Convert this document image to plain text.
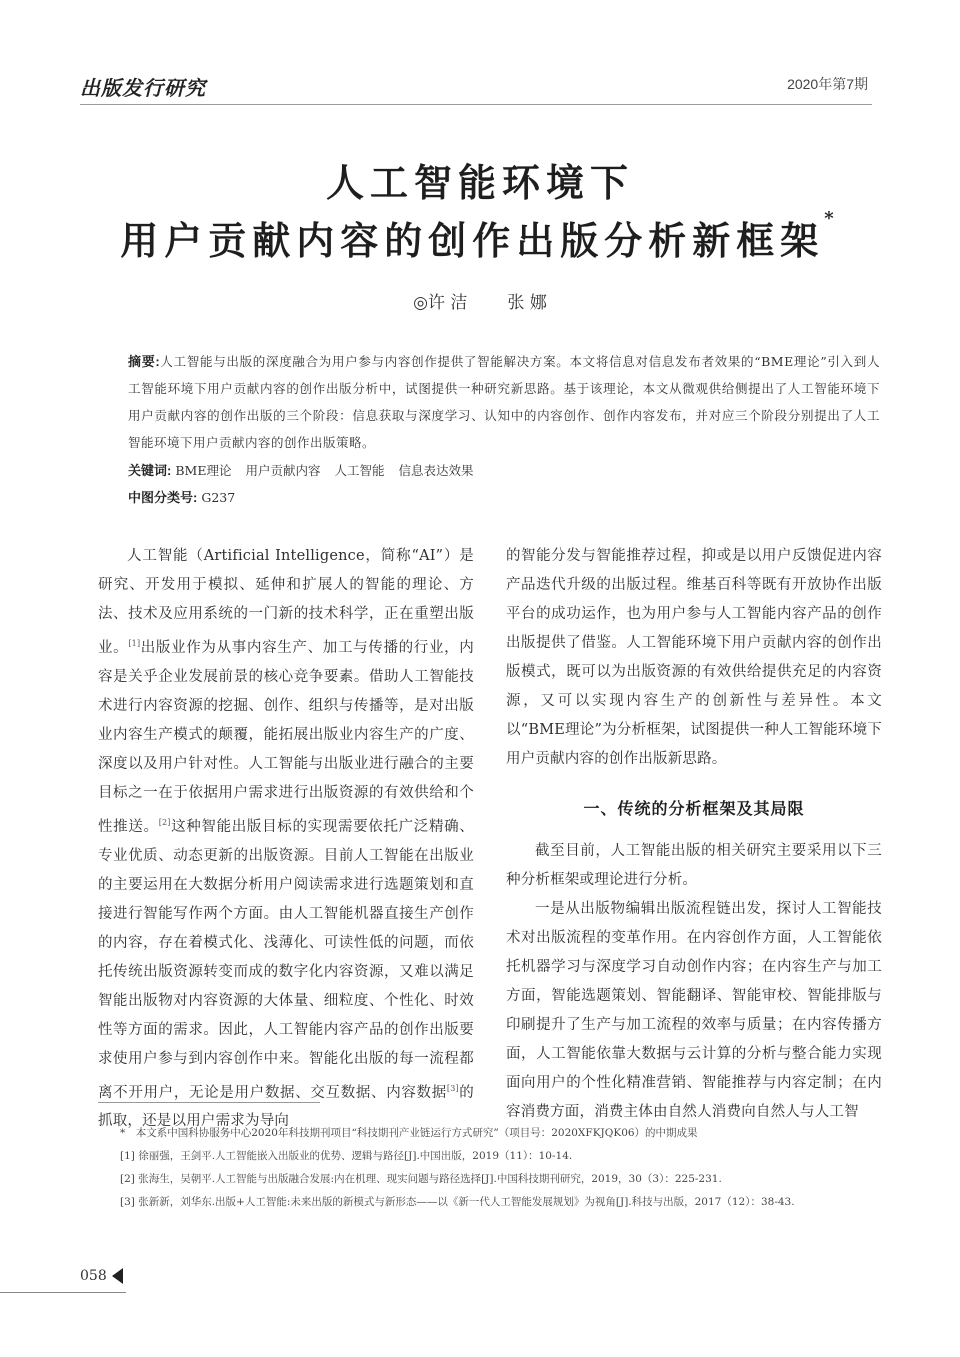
出版发行研究	2020年第7期
人工智能环境下
用户贡献内容的创作出版分析新框架*
◎许 洁 张 娜
摘要:人工智能与出版的深度融合为用户参与内容创作提供了智能解决方案。本文将信息对信息发布者效果的“BME理论”引入到人工智能环境下用户贡献内容的创作出版分析中，试图提供一种研究新思路。基于该理论，本文从微观供给侧提出了人工智能环境下用户贡献内容的创作出版的三个阶段：信息获取与深度学习、认知中的内容创作、创作内容发布，并对应三个阶段分别提出了人工智能环境下用户贡献内容的创作出版策略。
关键词: BME理论 用户贡献内容 人工智能 信息表达效果
中图分类号: G237

人工智能（Artificial Intelligence，简称“AI”）是研究、开发用于模拟、延伸和扩展人的智能的理论、方法、技术及应用系统的一门新的技术科学，正在重塑出版业。[1]出版业作为从事内容生产、加工与传播的行业，内容是关乎企业发展前景的核心竞争要素。借助人工智能技术进行内容资源的挖掘、创作、组织与传播等，是对出版业内容生产模式的颠覆，能拓展出版业内容生产的广度、深度以及用户针对性。人工智能与出版业进行融合的主要目标之一在于依据用户需求进行出版资源的有效供给和个性推送。[2]这种智能出版目标的实现需要依托广泛精确、专业优质、动态更新的出版资源。目前人工智能在出版业的主要运用在大数据分析用户阅读需求进行选题策划和直接进行智能写作两个方面。由人工智能机器直接生产创作的内容，存在着模式化、浅薄化、可读性低的问题，而依托传统出版资源转变而成的数字化内容资源，又难以满足智能出版物对内容资源的大体量、细粒度、个性化、时效性等方面的需求。因此，人工智能内容产品的创作出版要求使用户参与到内容创作中来。智能化出版的每一流程都离不开用户，无论是用户数据、交互数据、内容数据[3]的抓取，还是以用户需求为导向

的智能分发与智能推荐过程，抑或是以用户反馈促进内容产品迭代升级的出版过程。维基百科等既有开放协作出版平台的成功运作，也为用户参与人工智能内容产品的创作出版提供了借鉴。人工智能环境下用户贡献内容的创作出版模式，既可以为出版资源的有效供给提供充足的内容资源，又可以实现内容生产的创新性与差异性。本文以“BME理论”为分析框架，试图提供一种人工智能环境下用户贡献内容的创作出版新思路。

一、传统的分析框架及其局限

截至目前，人工智能出版的相关研究主要采用以下三种分析框架或理论进行分析。

一是从出版物编辑出版流程链出发，探讨人工智能技术对出版流程的变革作用。在内容创作方面，人工智能依托机器学习与深度学习自动创作内容；在内容生产与加工方面，智能选题策划、智能翻译、智能审校、智能排版与印刷提升了生产与加工流程的效率与质量；在内容传播方面，人工智能依靠大数据与云计算的分析与整合能力实现面向用户的个性化精准营销、智能推荐与内容定制；在内容消费方面，消费主体由自然人消费向自然人与人工智

*　本文系中国科协服务中心2020年科技期刊项目“科技期刊产业链运行方式研究”（项目号：2020XFKJQK06）的中期成果

[1] 徐丽强，王剑平.人工智能嵌入出版业的优势、逻辑与路径[J].中国出版，2019（11）：10-14.

[2] 张海生，吴朝平.人工智能与出版融合发展:内在机理、现实问题与路径选择[J].中国科技期刊研究，2019，30（3）：225-231.

[3] 张新新，刘华东.出版+人工智能:未来出版的新模式与新形态——以《新一代人工智能发展规划》为视角[J].科技与出版，2017（12）：38-43.

058
